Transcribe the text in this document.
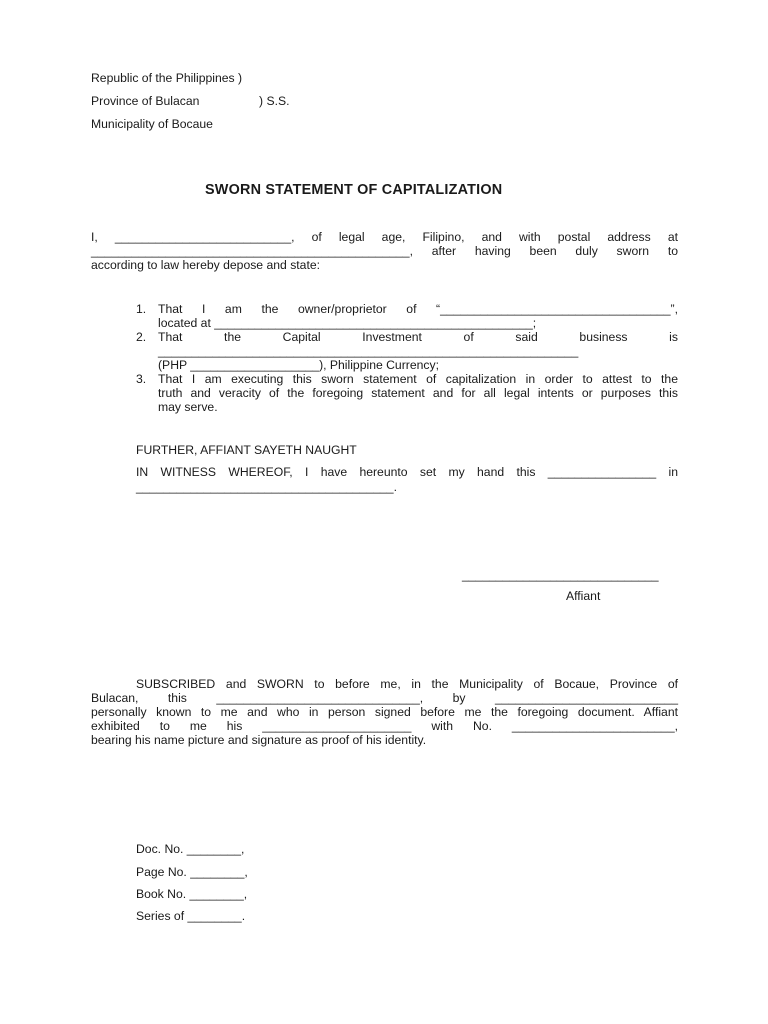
Republic of the Philippines )
Province of Bulacan	) S.S.
Municipality of Bocaue
SWORN STATEMENT OF CAPITALIZATION
I, __________________________, of legal age, Filipino, and with postal address at
_______________________________________________, after having been duly sworn to
according to law hereby depose and state:
1. That I am the owner/proprietor of “__________________________________”,
located at _______________________________________________;
2. That the Capital Investment of said business is
______________________________________________________________
(PHP ___________________), Philippine Currency;
3. That I am executing this sworn statement of capitalization in order to attest to the
truth and veracity of the foregoing statement and for all legal intents or purposes this
may serve.
FURTHER, AFFIANT SAYETH NAUGHT
IN WITNESS WHEREOF, I have hereunto set my hand this ________________ in
______________________________________.
_____________________________
Affiant
SUBSCRIBED and SWORN to before me, in the Municipality of Bocaue, Province of
Bulacan, this ______________________________, by ___________________________
personally known to me and who in person signed before me the foregoing document. Affiant
exhibited to me his ______________________ with No. ________________________,
bearing his name picture and signature as proof of his identity.
Doc. No. ________,
Page No. ________,
Book No. ________,
Series of ________.
